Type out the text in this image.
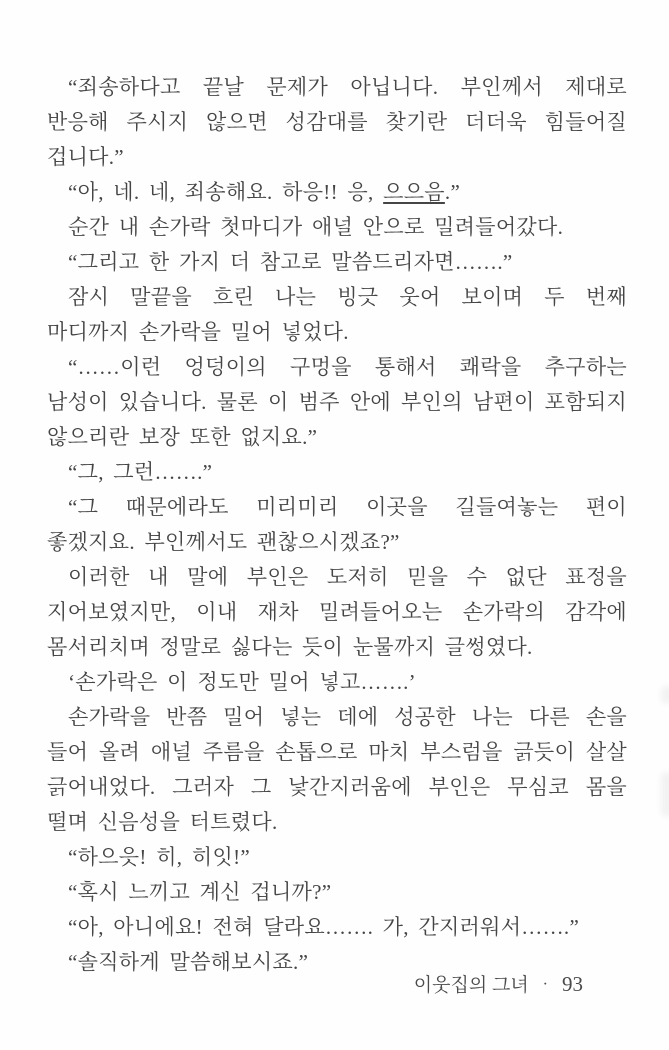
“죄송하다고 끝날 문제가 아닙니다. 부인께서 제대로 반응해 주시지 않으면 성감대를 찾기란 더더욱 힘들어질 겁니다.”

“아, 네. 네, 죄송해요. 하응!! 응, 으으음.”

순간 내 손가락 첫마디가 애널 안으로 밀려들어갔다.

“그리고 한 가지 더 참고로 말씀드리자면…….”

잠시 말끝을 흐린 나는 빙긋 웃어 보이며 두 번째 마디까지 손가락을 밀어 넣었다.

“……이런 엉덩이의 구멍을 통해서 쾌락을 추구하는 남성이 있습니다. 물론 이 범주 안에 부인의 남편이 포함되지 않으리란 보장 또한 없지요.”

“그, 그런…….”

“그 때문에라도 미리미리 이곳을 길들여놓는 편이 좋겠지요. 부인께서도 괜찮으시겠죠?”

이러한 내 말에 부인은 도저히 믿을 수 없단 표정을 지어보였지만, 이내 재차 밀려들어오는 손가락의 감각에 몸서리치며 정말로 싫다는 듯이 눈물까지 글썽였다.

‘손가락은 이 정도만 밀어 넣고…….’

손가락을 반쯤 밀어 넣는 데에 성공한 나는 다른 손을 들어 올려 애널 주름을 손톱으로 마치 부스럼을 긁듯이 살살 긁어내었다. 그러자 그 낯간지러움에 부인은 무심코 몸을 떨며 신음성을 터트렸다.

“하으읏! 히, 히잇!”

“혹시 느끼고 계신 겁니까?”

“아, 아니에요! 전혀 달라요……. 가, 간지러워서…….”

“솔직하게 말씀해보시죠.”

이웃집의 그녀 · 93
